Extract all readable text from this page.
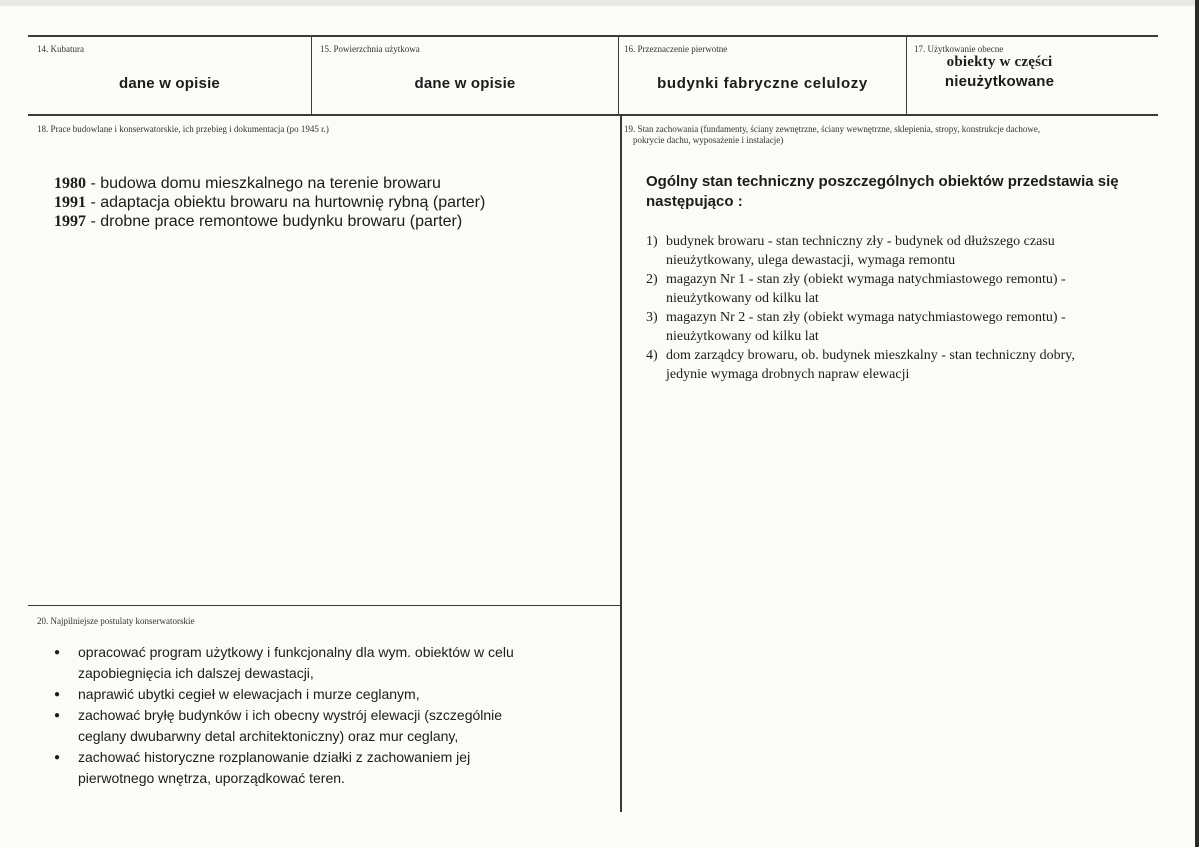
14. Kubatura
dane w opisie
15. Powierzchnia użytkowa
dane w opisie
16. Przeznaczenie pierwotne
budynki fabryczne celulozy
17. Użytkowanie obecne
obiekty w części
nieużytkowane
18. Prace budowlane i konserwatorskie, ich przebieg i dokumentacja (po 1945 r.)
1980 - budowa domu mieszkalnego na terenie browaru
1991 - adaptacja obiektu browaru na hurtownię rybną (parter)
1997 - drobne prace remontowe budynku browaru (parter)
19. Stan zachowania (fundamenty, ściany zewnętrzne, ściany wewnętrzne, sklepienia, stropy, konstrukcje dachowe,
pokrycie dachu, wyposażenie i instalacje)
Ogólny stan techniczny poszczególnych obiektów przedstawia się
następująco :
1) budynek browaru - stan techniczny zły - budynek od dłuższego czasu
nieużytkowany, ulega dewastacji, wymaga remontu
2) magazyn Nr 1 - stan zły (obiekt wymaga natychmiastowego remontu) -
nieużytkowany od kilku lat
3) magazyn Nr 2 - stan zły (obiekt wymaga natychmiastowego remontu) -
nieużytkowany od kilku lat
4) dom zarządcy browaru, ob. budynek mieszkalny - stan techniczny dobry,
jedynie wymaga drobnych napraw elewacji
20. Najpilniejsze postulaty konserwatorskie
●	opracować program użytkowy i funkcjonalny dla wym. obiektów w celu
zapobiegnięcia ich dalszej dewastacji,
●	naprawić ubytki cegieł w elewacjach i murze ceglanym,
●	zachować bryłę budynków i ich obecny wystrój elewacji (szczególnie
ceglany dwubarwny detal architektoniczny) oraz mur ceglany,
●	zachować historyczne rozplanowanie działki z zachowaniem jej
pierwotnego wnętrza, uporządkować teren.
